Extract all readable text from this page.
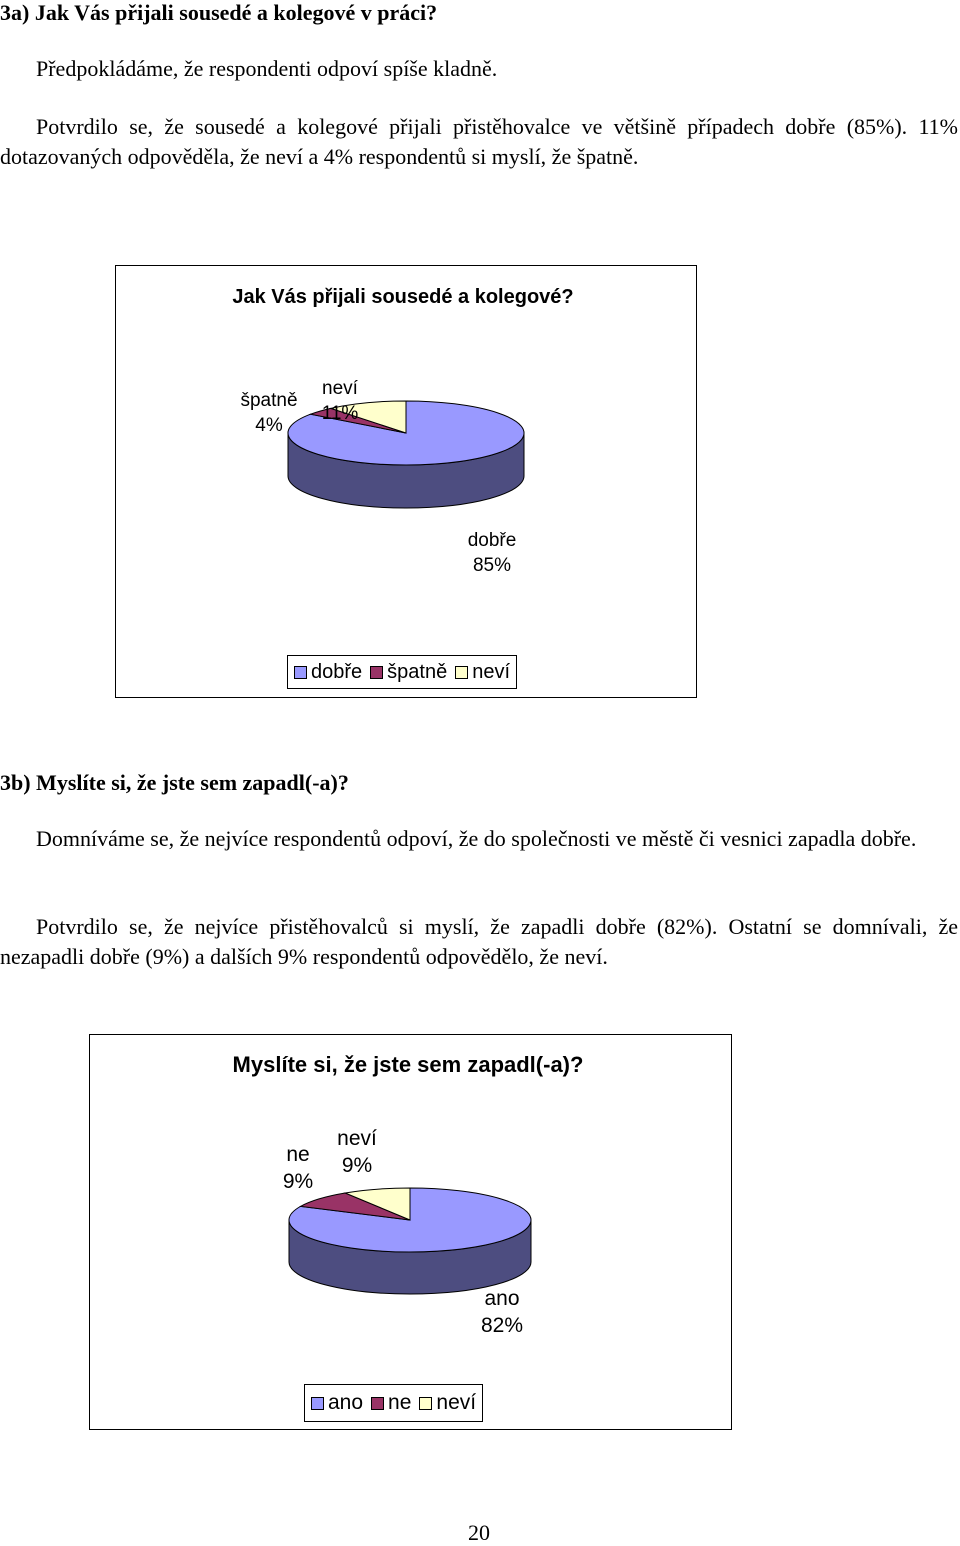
3a) Jak Vás přijali sousedé a kolegové v práci?
Předpokládáme, že respondenti odpoví spíše kladně.
Potvrdilo se, že sousedé a kolegové přijali přistěhovalce ve většině případech dobře (85%). 11% dotazovaných odpověděla, že neví a 4% respondentů si myslí, že špatně.
Jak Vás přijali sousedé a kolegové?
dobře 85%
špatně 4%
neví 11%
dobře špatně neví
3b) Myslíte si, že jste sem zapadl(-a)?
Domníváme se, že nejvíce respondentů odpoví, že do společnosti ve městě či vesnici zapadla dobře.
Potvrdilo se, že nejvíce přistěhovalců si myslí, že zapadli dobře (82%). Ostatní se domnívali, že nezapadli dobře (9%) a dalších 9% respondentů odpovědělo, že neví.
Myslíte si, že jste sem zapadl(-a)?
ano 82%
ne 9%
neví 9%
ano ne neví
20
